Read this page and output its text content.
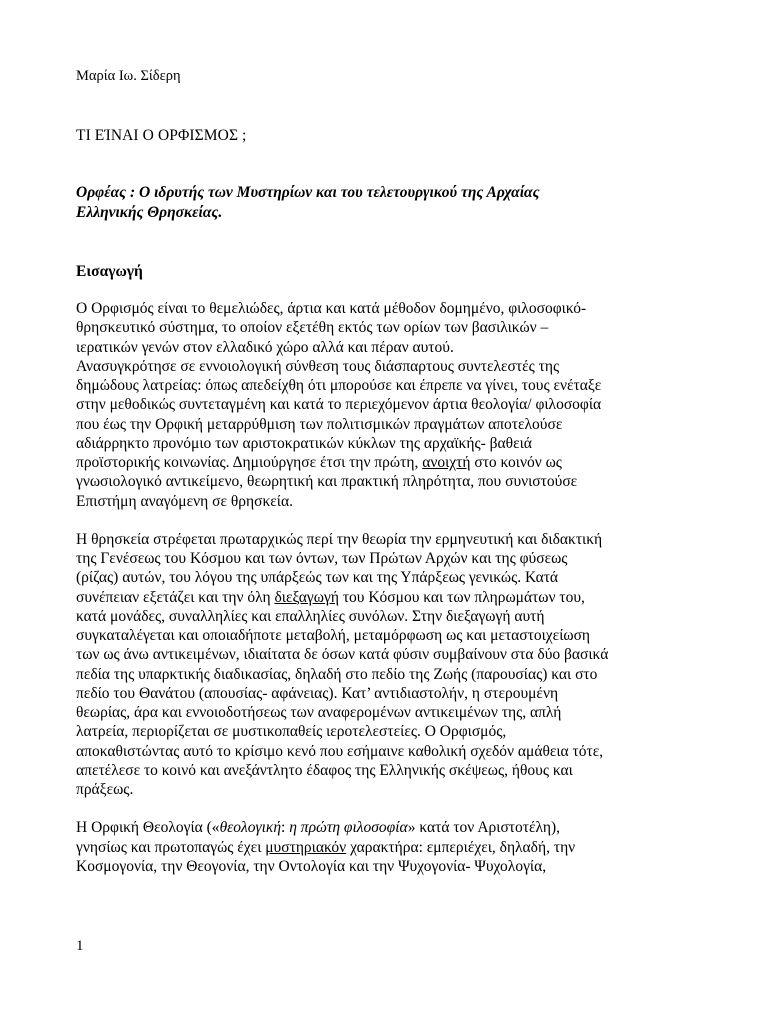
Μαρία Ιω. Σίδερη
ΤΙ ΕΊΝΑΙ Ο ΟΡΦΙΣΜΟΣ ;
Ορφέας : Ο ιδρυτής των Μυστηρίων και του τελετουργικού της Αρχαίας
Ελληνικής Θρησκείας.
Εισαγωγή
Ο Ορφισμός είναι το θεμελιώδες, άρτια και κατά μέθοδον δομημένο, φιλοσοφικό-
θρησκευτικό σύστημα, το οποίον εξετέθη εκτός των ορίων των βασιλικών –
ιερατικών γενών στον ελλαδικό χώρο αλλά και πέραν αυτού.
Ανασυγκρότησε σε εννοιολογική σύνθεση τους διάσπαρτους συντελεστές της
δημώδους λατρείας: όπως απεδείχθη ότι μπορούσε και έπρεπε να γίνει, τους ενέταξε
στην μεθοδικώς συντεταγμένη και κατά το περιεχόμενον άρτια θεολογία/ φιλοσοφία
που έως την Ορφική μεταρρύθμιση των πολιτισμικών πραγμάτων αποτελούσε
αδιάρρηκτο προνόμιο των αριστοκρατικών κύκλων της αρχαϊκής- βαθειά
προϊστορικής κοινωνίας. Δημιούργησε έτσι την πρώτη, ανοιχτή στο κοινόν ως
γνωσιολογικό αντικείμενο, θεωρητική και πρακτική πληρότητα, που συνιστούσε
Επιστήμη αναγόμενη σε θρησκεία.
Η θρησκεία στρέφεται πρωταρχικώς περί την θεωρία την ερμηνευτική και διδακτική
της Γενέσεως του Κόσμου και των όντων, των Πρώτων Αρχών και της φύσεως
(ρίζας) αυτών, του λόγου της υπάρξεώς των και της Υπάρξεως γενικώς. Κατά
συνέπειαν εξετάζει και την όλη διεξαγωγή του Κόσμου και των πληρωμάτων του,
κατά μονάδες, συναλληλίες και επαλληλίες συνόλων. Στην διεξαγωγή αυτή
συγκαταλέγεται και οποιαδήποτε μεταβολή, μεταμόρφωση ως και μεταστοιχείωση
των ως άνω αντικειμένων, ιδιαίτατα δε όσων κατά φύσιν συμβαίνουν στα δύο βασικά
πεδία της υπαρκτικής διαδικασίας, δηλαδή στο πεδίο της Ζωής (παρουσίας) και στο
πεδίο του Θανάτου (απουσίας- αφάνειας). Κατ’ αντιδιαστολήν, η στερουμένη
θεωρίας, άρα και εννοιοδοτήσεως των αναφερομένων αντικειμένων της, απλή
λατρεία, περιορίζεται σε μυστικοπαθείς ιεροτελεστείες. Ο Ορφισμός,
αποκαθιστώντας αυτό το κρίσιμο κενό που εσήμαινε καθολική σχεδόν αμάθεια τότε,
απετέλεσε το κοινό και ανεξάντλητο έδαφος της Ελληνικής σκέψεως, ήθους και
πράξεως.
Η Ορφική Θεολογία («θεολογική: η πρώτη φιλοσοφία» κατά τον Αριστοτέλη),
γνησίως και πρωτοπαγώς έχει μυστηριακόν χαρακτήρα: εμπεριέχει, δηλαδή, την
Κοσμογονία, την Θεογονία, την Οντολογία και την Ψυχογονία- Ψυχολογία,
1
